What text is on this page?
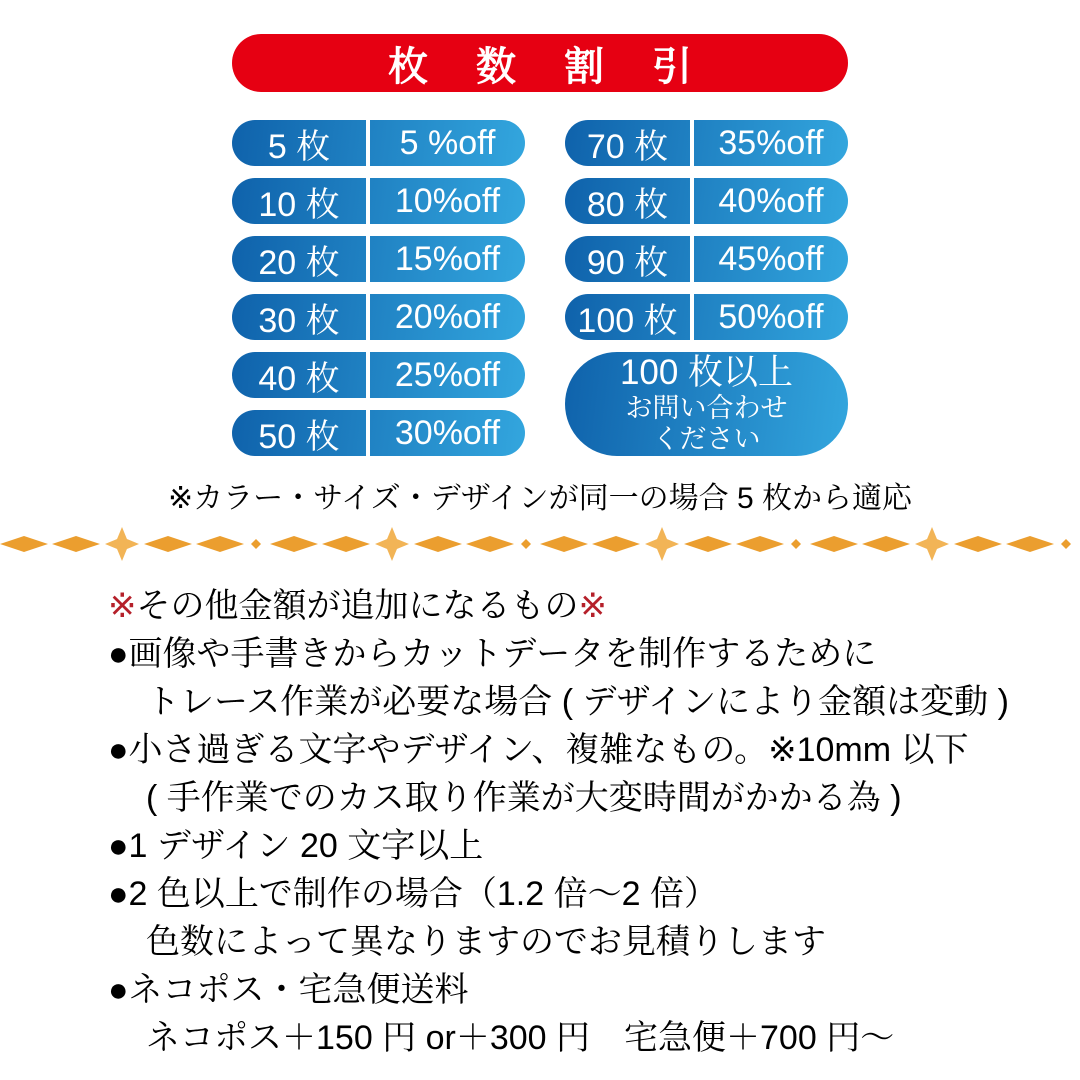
枚数割引
5 枚	5 %off
10 枚	10%off
20 枚	15%off
30 枚	20%off
40 枚	25%off
50 枚	30%off
70 枚	35%off
80 枚	40%off
90 枚	45%off
100 枚	50%off
100 枚以上
お問い合わせ
ください
※カラー・サイズ・デザインが同一の場合 5 枚から適応
※その他金額が追加になるもの※
●画像や手書きからカットデータを制作するために
トレース作業が必要な場合 ( デザインにより金額は変動 )
●小さ過ぎる文字やデザイン、複雑なもの。※10mm 以下
( 手作業でのカス取り作業が大変時間がかかる為 )
●1 デザイン 20 文字以上
●2 色以上で制作の場合（1.2 倍～2 倍）
色数によって異なりますのでお見積りします
●ネコポス・宅急便送料
ネコポス＋150 円 or＋300 円　宅急便＋700 円～
